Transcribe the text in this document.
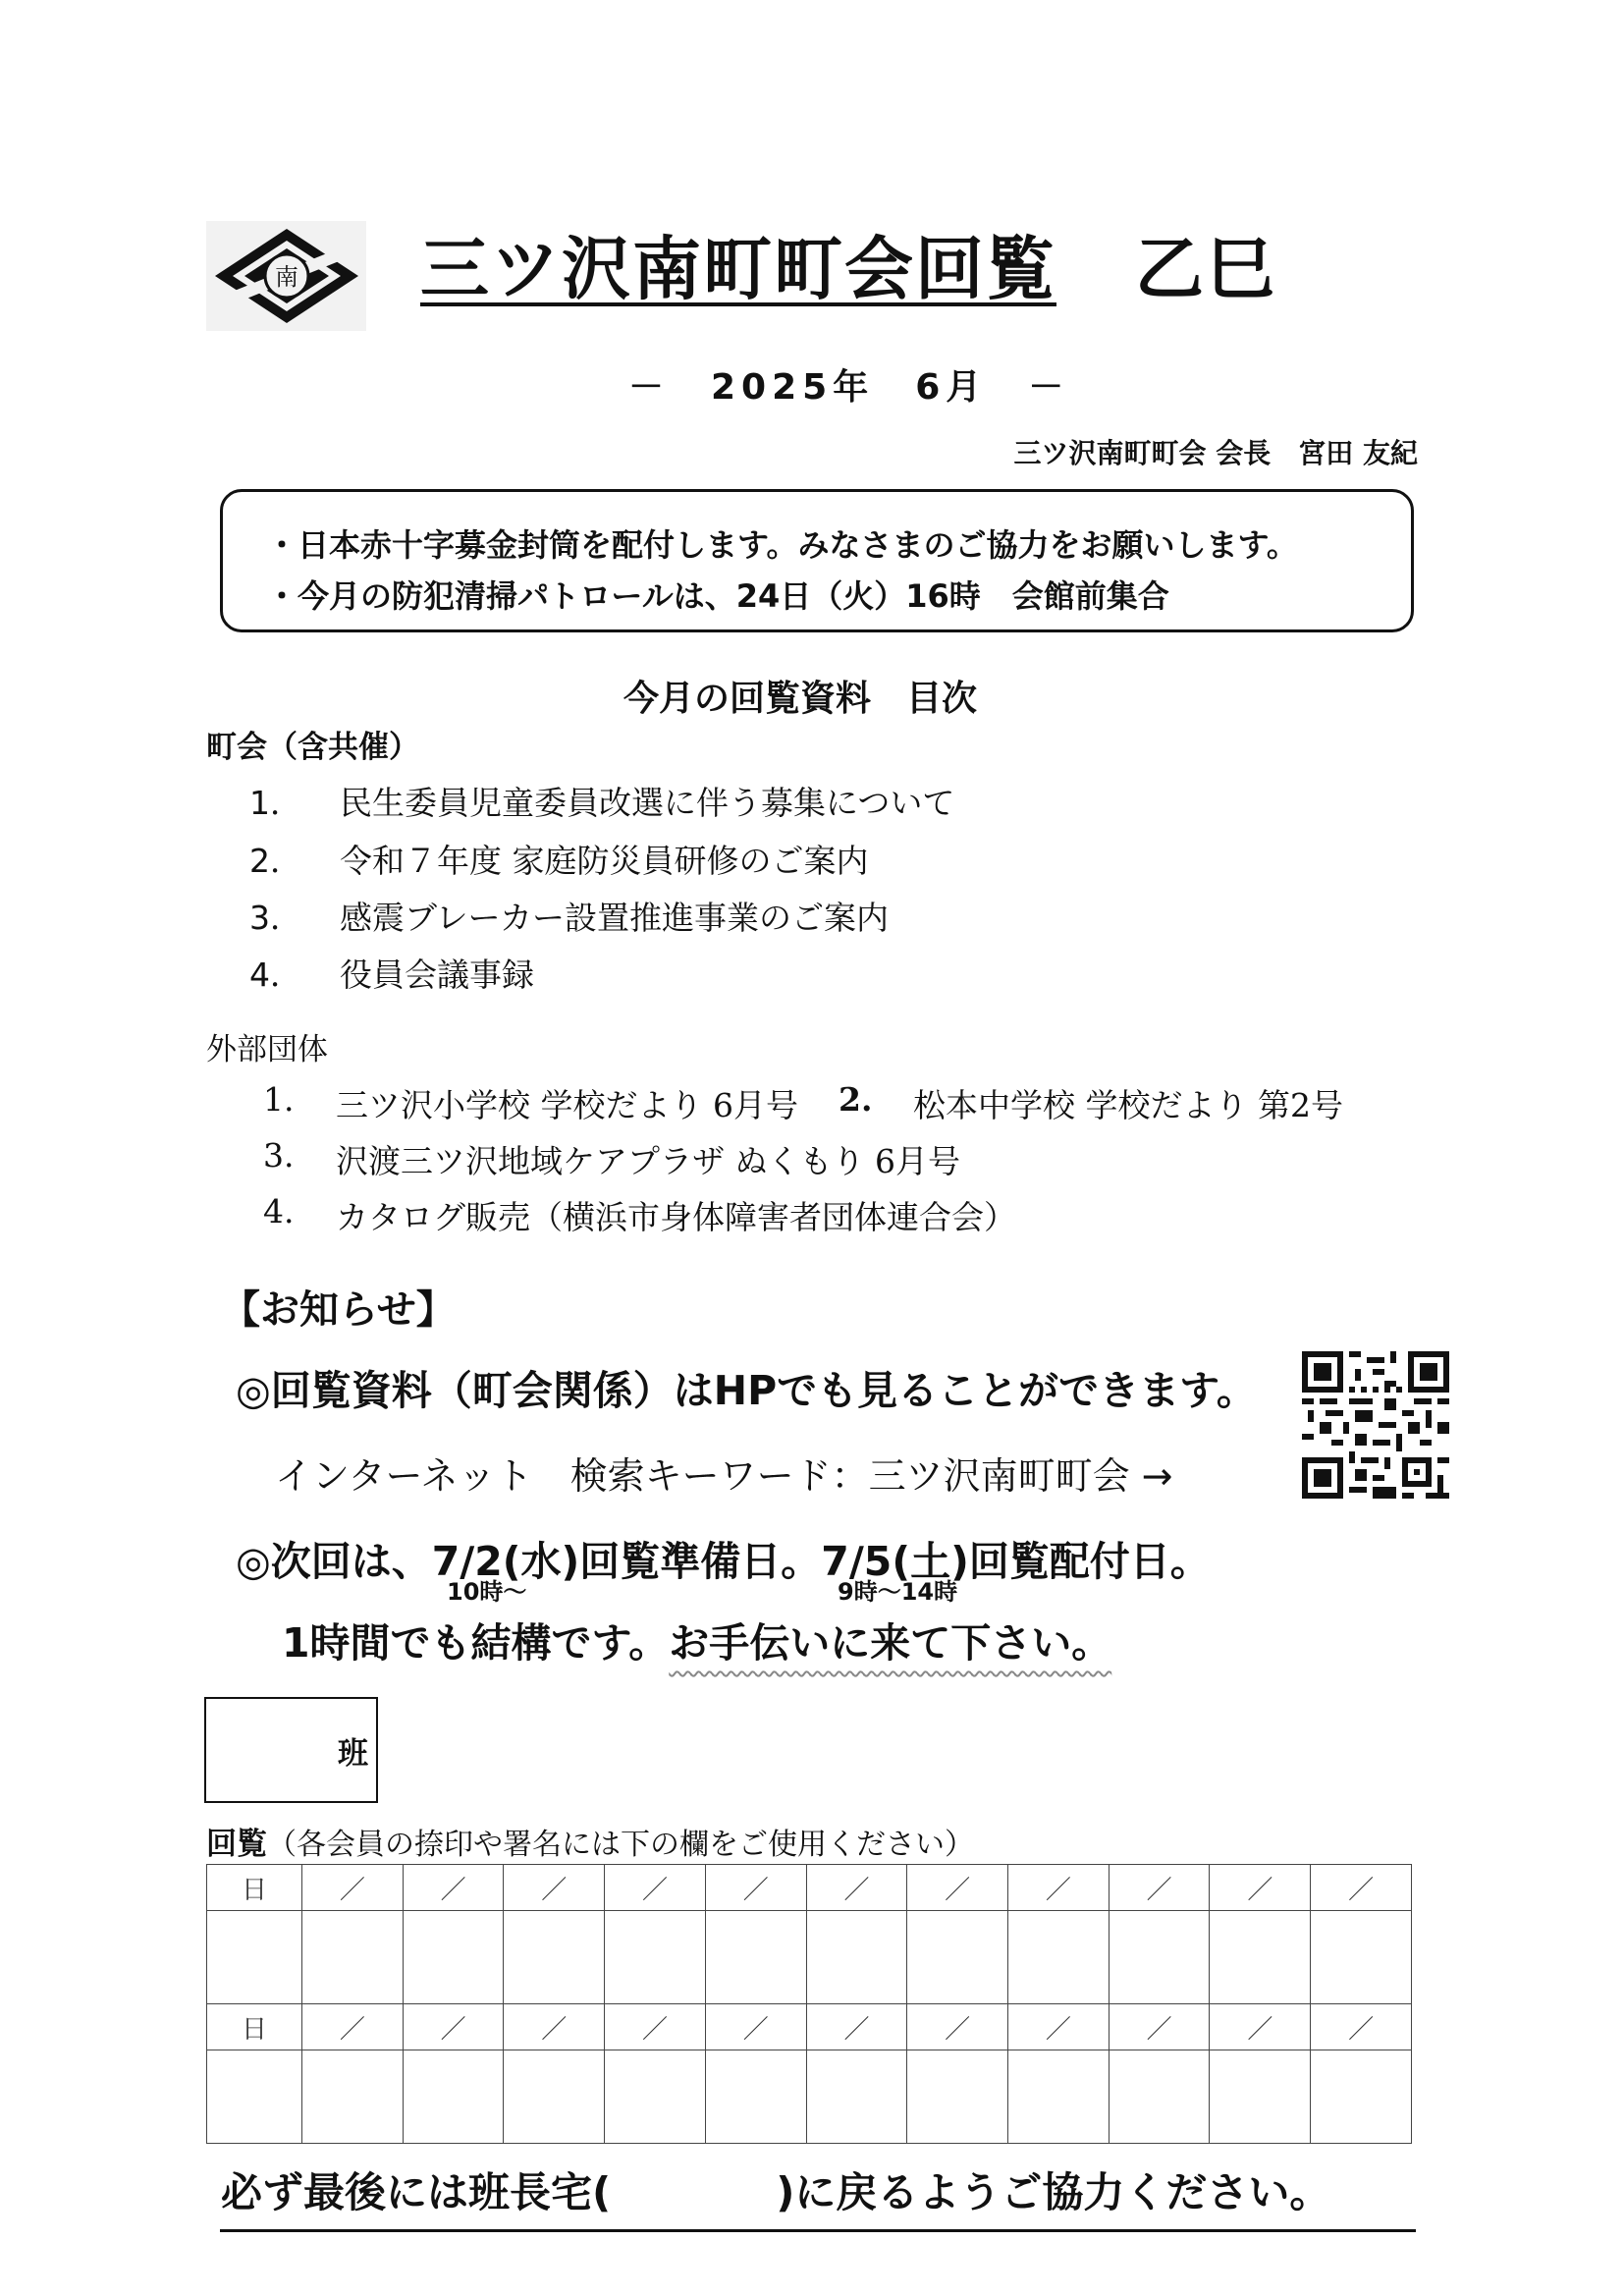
南 三ツ沢南町町会回覧 乙巳
－　2025年　6月　－
三ツ沢南町町会 会長　宮田 友紀
・日本赤十字募金封筒を配付します。みなさまのご協力をお願いします。
・今月の防犯清掃パトロールは、24日（火）16時　会館前集合
今月の回覧資料　目次
町会（含共催）
1．	民生委員児童委員改選に伴う募集について
2．	令和７年度 家庭防災員研修のご案内
3．	感震ブレーカー設置推進事業のご案内
4．	役員会議事録
外部団体
1.	三ツ沢小学校 学校だより 6月号	2.	松本中学校 学校だより 第2号
3.	沢渡三ツ沢地域ケアプラザ ぬくもり 6月号
4.	カタログ販売（横浜市身体障害者団体連合会）
【お知らせ】
◎回覧資料（町会関係）はHPでも見ることができます。
インターネット　検索キーワード：三ツ沢南町町会 →
◎次回は、7/2(水)回覧準備日。7/5(土)回覧配付日。
10時～	9時～14時
1時間でも結構です。お手伝いに来て下さい。
班
回覧（各会員の捺印や署名には下の欄をご使用ください）
日	／	／	／	／	／	／	／	／	／	／	／

日	／	／	／	／	／	／	／	／	／	／	／

必ず最後には班長宅(　　　　)に戻るようご協力ください。
